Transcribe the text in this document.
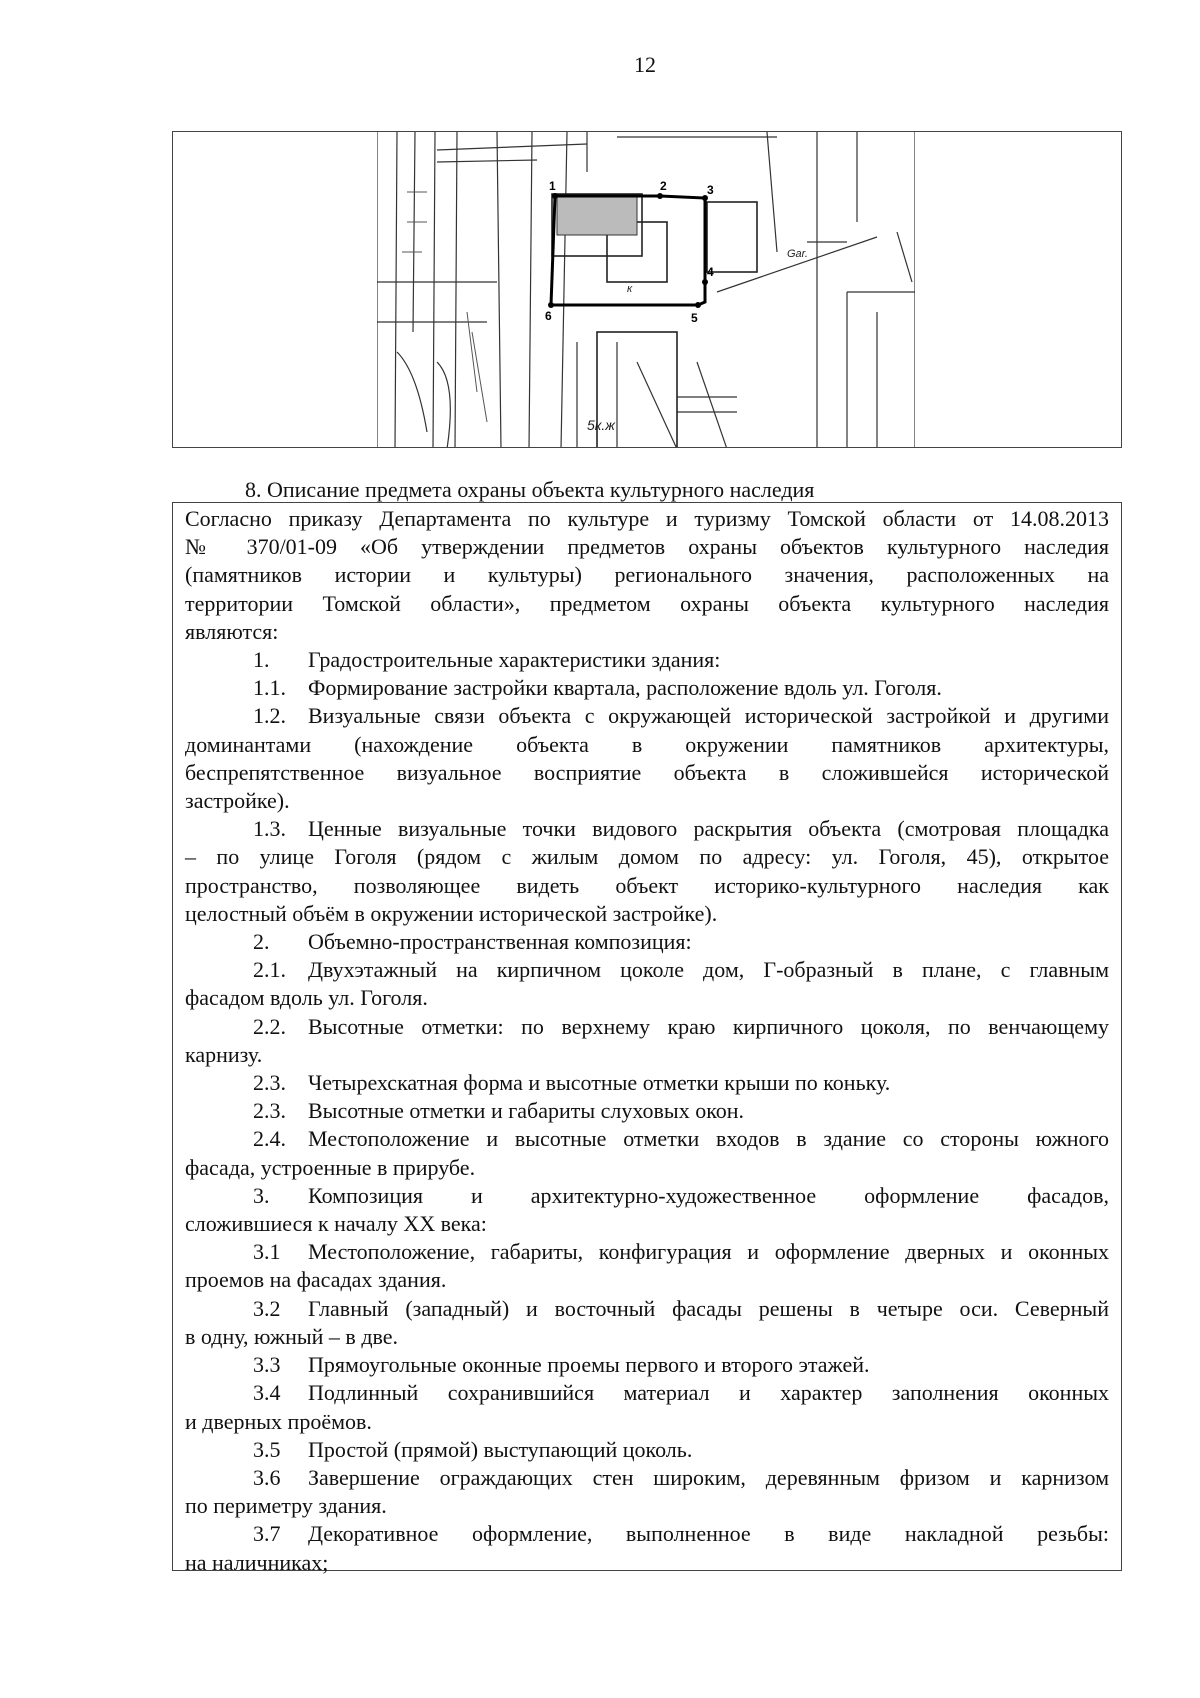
12
1	2	3
4
5
6
Gar.
5к.ж
к
8. Описание предмета охраны объекта культурного наследия
Согласно приказу Департамента по культуре и туризму Томской области от 14.08.2013
№ 370/01-09 «Об утверждении предметов охраны объектов культурного наследия
(памятников истории и культуры) регионального значения, расположенных на
территории Томской области», предметом охраны объекта культурного наследия
являются:
1. Градостроительные характеристики здания:
1.1. Формирование застройки квартала, расположение вдоль ул. Гоголя.
1.2. Визуальные связи объекта с окружающей исторической застройкой и другими
доминантами (нахождение объекта в окружении памятников архитектуры,
беспрепятственное визуальное восприятие объекта в сложившейся исторической
застройке).
1.3. Ценные визуальные точки видового раскрытия объекта (смотровая площадка
– по улице Гоголя (рядом с жилым домом по адресу: ул. Гоголя, 45), открытое
пространство, позволяющее видеть объект историко-культурного наследия как
целостный объём в окружении исторической застройке).
2. Объемно-пространственная композиция:
2.1. Двухэтажный на кирпичном цоколе дом, Г-образный в плане, с главным
фасадом вдоль ул. Гоголя.
2.2. Высотные отметки: по верхнему краю кирпичного цоколя, по венчающему
карнизу.
2.3. Четырехскатная форма и высотные отметки крыши по коньку.
2.3. Высотные отметки и габариты слуховых окон.
2.4. Местоположение и высотные отметки входов в здание со стороны южного
фасада, устроенные в прирубе.
3. Композиция и архитектурно-художественное оформление фасадов,
сложившиеся к началу XX века:
3.1 Местоположение, габариты, конфигурация и оформление дверных и оконных
проемов на фасадах здания.
3.2 Главный (западный) и восточный фасады решены в четыре оси. Северный
в одну, южный – в две.
3.3 Прямоугольные оконные проемы первого и второго этажей.
3.4 Подлинный сохранившийся материал и характер заполнения оконных
и дверных проёмов.
3.5 Простой (прямой) выступающий цоколь.
3.6 Завершение ограждающих стен широким, деревянным фризом и карнизом
по периметру здания.
3.7 Декоративное оформление, выполненное в виде накладной резьбы:
на наличниках;
